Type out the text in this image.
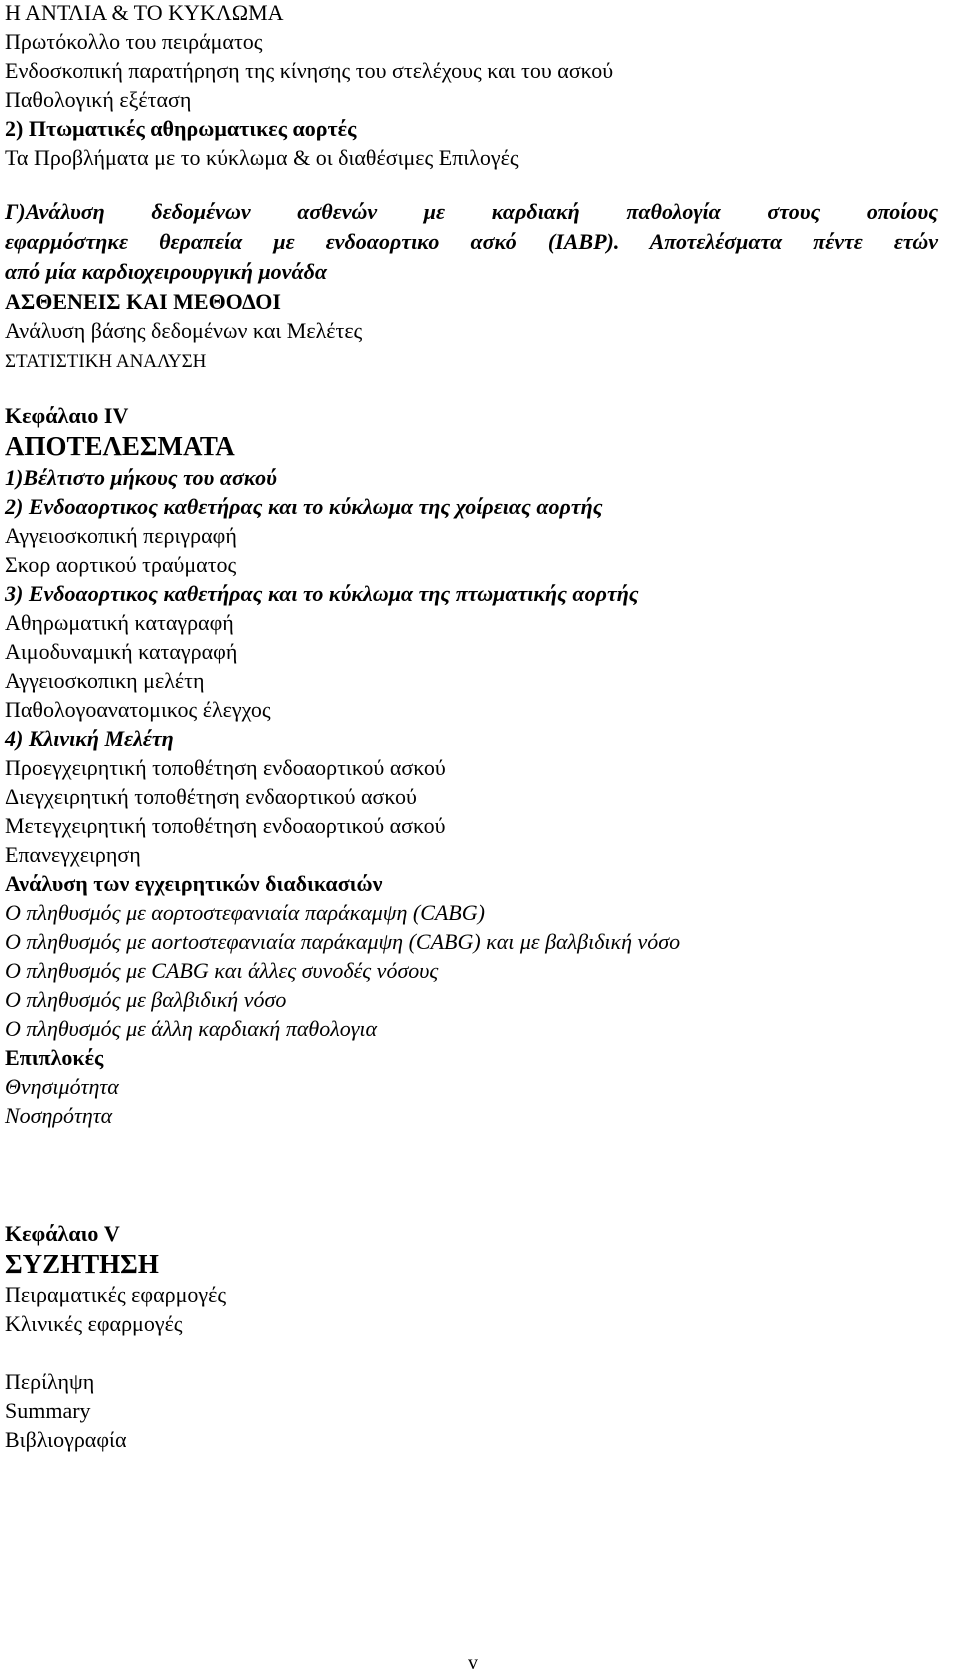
Η ΑΝΤΛΙΑ & ΤΟ ΚΥΚΛΩΜΑ
Πρωτόκολλο του πειράματος
Ενδοσκοπική παρατήρηση της κίνησης του στελέχους και του ασκού
Παθολογική εξέταση
2) Πτωματικές αθηρωματικες αορτές
Τα Προβλήματα με το κύκλωμα & οι διαθέσιμες Επιλογές
Γ)Ανάλυση δεδομένων ασθενών με καρδιακή παθολογία στους οποίους
εφαρμόστηκε θεραπεία με ενδοαορτικο ασκό (IABP). Αποτελέσματα πέντε ετών
από μία καρδιοχειρουργική μονάδα
ΑΣΘΕΝΕΙΣ ΚΑΙ ΜΕΘΟΔΟΙ
Ανάλυση βάσης δεδομένων και Μελέτες
ΣΤΑΤΙΣΤΙΚΗ ΑΝΑΛΥΣΗ
Κεφάλαιο IV
ΑΠΟΤΕΛΕΣΜΑΤΑ
1)Βέλτιστο μήκους του ασκού
2) Ενδοαορτικος καθετήρας και το κύκλωμα της χοίρειας αορτής
Αγγειοσκοπική περιγραφή
Σκορ αορτικού τραύματος
3) Ενδοαορτικος καθετήρας και το κύκλωμα της πτωματικής αορτής
Αθηρωματική καταγραφή
Αιμοδυναμική καταγραφή
Αγγειοσκοπικη μελέτη
Παθολογοανατομικος έλεγχος
4) Κλινική Μελέτη
Προεγχειρητική τοποθέτηση ενδοαορτικού ασκού
Διεγχειρητική τοποθέτηση ενδαορτικού ασκού
Μετεγχειρητική τοποθέτηση ενδοαορτικού ασκού
Επανεγχειρηση
Ανάλυση των εγχειρητικών διαδικασιών
Ο πληθυσμός με αορτοστεφανιαία παράκαμψη (CABG)
Ο πληθυσμός με aortοστεφανιαία παράκαμψη (CABG) και με βαλβιδική νόσο
Ο πληθυσμός με CABG και άλλες συνοδές νόσους
Ο πληθυσμός με βαλβιδική νόσο
Ο πληθυσμός με άλλη καρδιακή παθολογια
Επιπλοκές
Θνησιμότητα
Νοσηρότητα
Κεφάλαιο V
ΣΥΖΗΤΗΣΗ
Πειραματικές εφαρμογές
Κλινικές εφαρμογές
Περίληψη
Summary
Βιβλιογραφία
v
